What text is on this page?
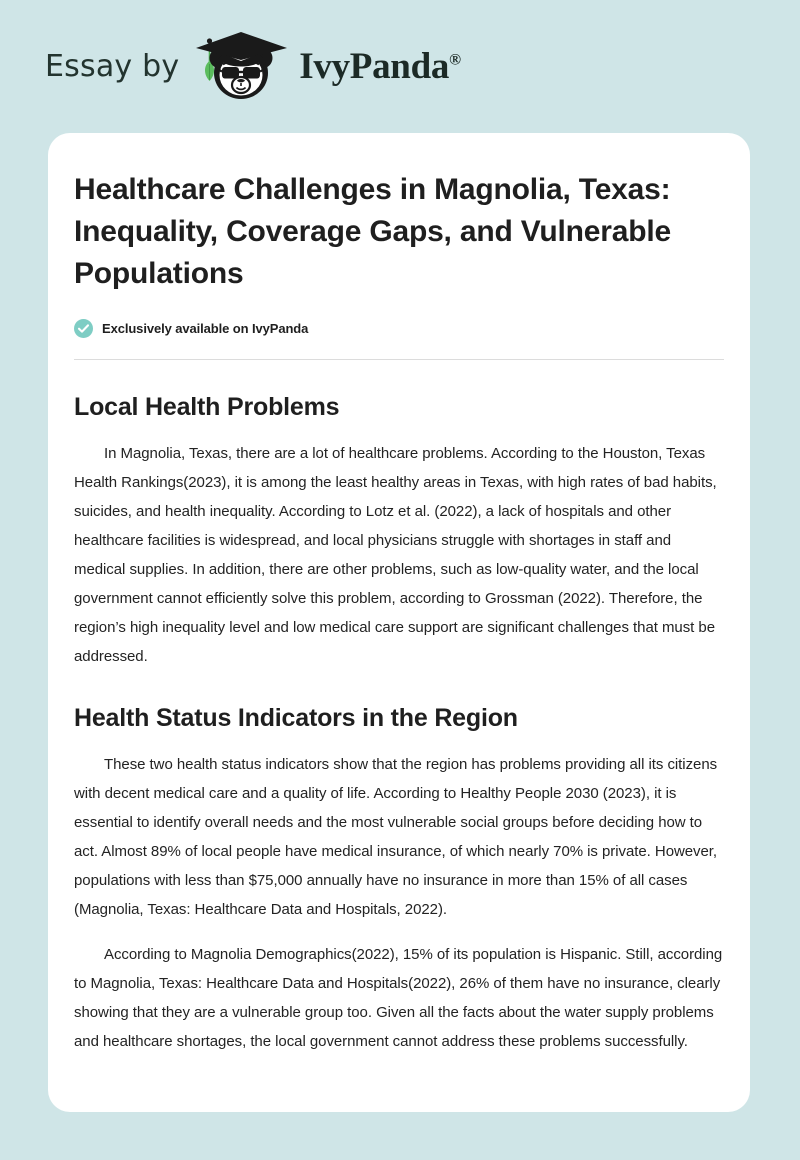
Essay by	IvyPanda®
Healthcare Challenges in Magnolia, Texas: Inequality, Coverage Gaps, and Vulnerable Populations
Exclusively available on IvyPanda
Local Health Problems

In Magnolia, Texas, there are a lot of healthcare problems. According to the Houston, Texas Health Rankings(2023), it is among the least healthy areas in Texas, with high rates of bad habits, suicides, and health inequality. According to Lotz et al. (2022), a lack of hospitals and other healthcare facilities is widespread, and local physicians struggle with shortages in staff and medical supplies. In addition, there are other problems, such as low-quality water, and the local government cannot efficiently solve this problem, according to Grossman (2022). Therefore, the region’s high inequality level and low medical care support are significant challenges that must be addressed.

Health Status Indicators in the Region

These two health status indicators show that the region has problems providing all its citizens with decent medical care and a quality of life. According to Healthy People 2030 (2023), it is essential to identify overall needs and the most vulnerable social groups before deciding how to act. Almost 89% of local people have medical insurance, of which nearly 70% is private. However, populations with less than $75,000 annually have no insurance in more than 15% of all cases (Magnolia, Texas: Healthcare Data and Hospitals, 2022).

According to Magnolia Demographics(2022), 15% of its population is Hispanic. Still, according to Magnolia, Texas: Healthcare Data and Hospitals(2022), 26% of them have no insurance, clearly showing that they are a vulnerable group too. Given all the facts about the water supply problems and healthcare shortages, the local government cannot address these problems successfully.
